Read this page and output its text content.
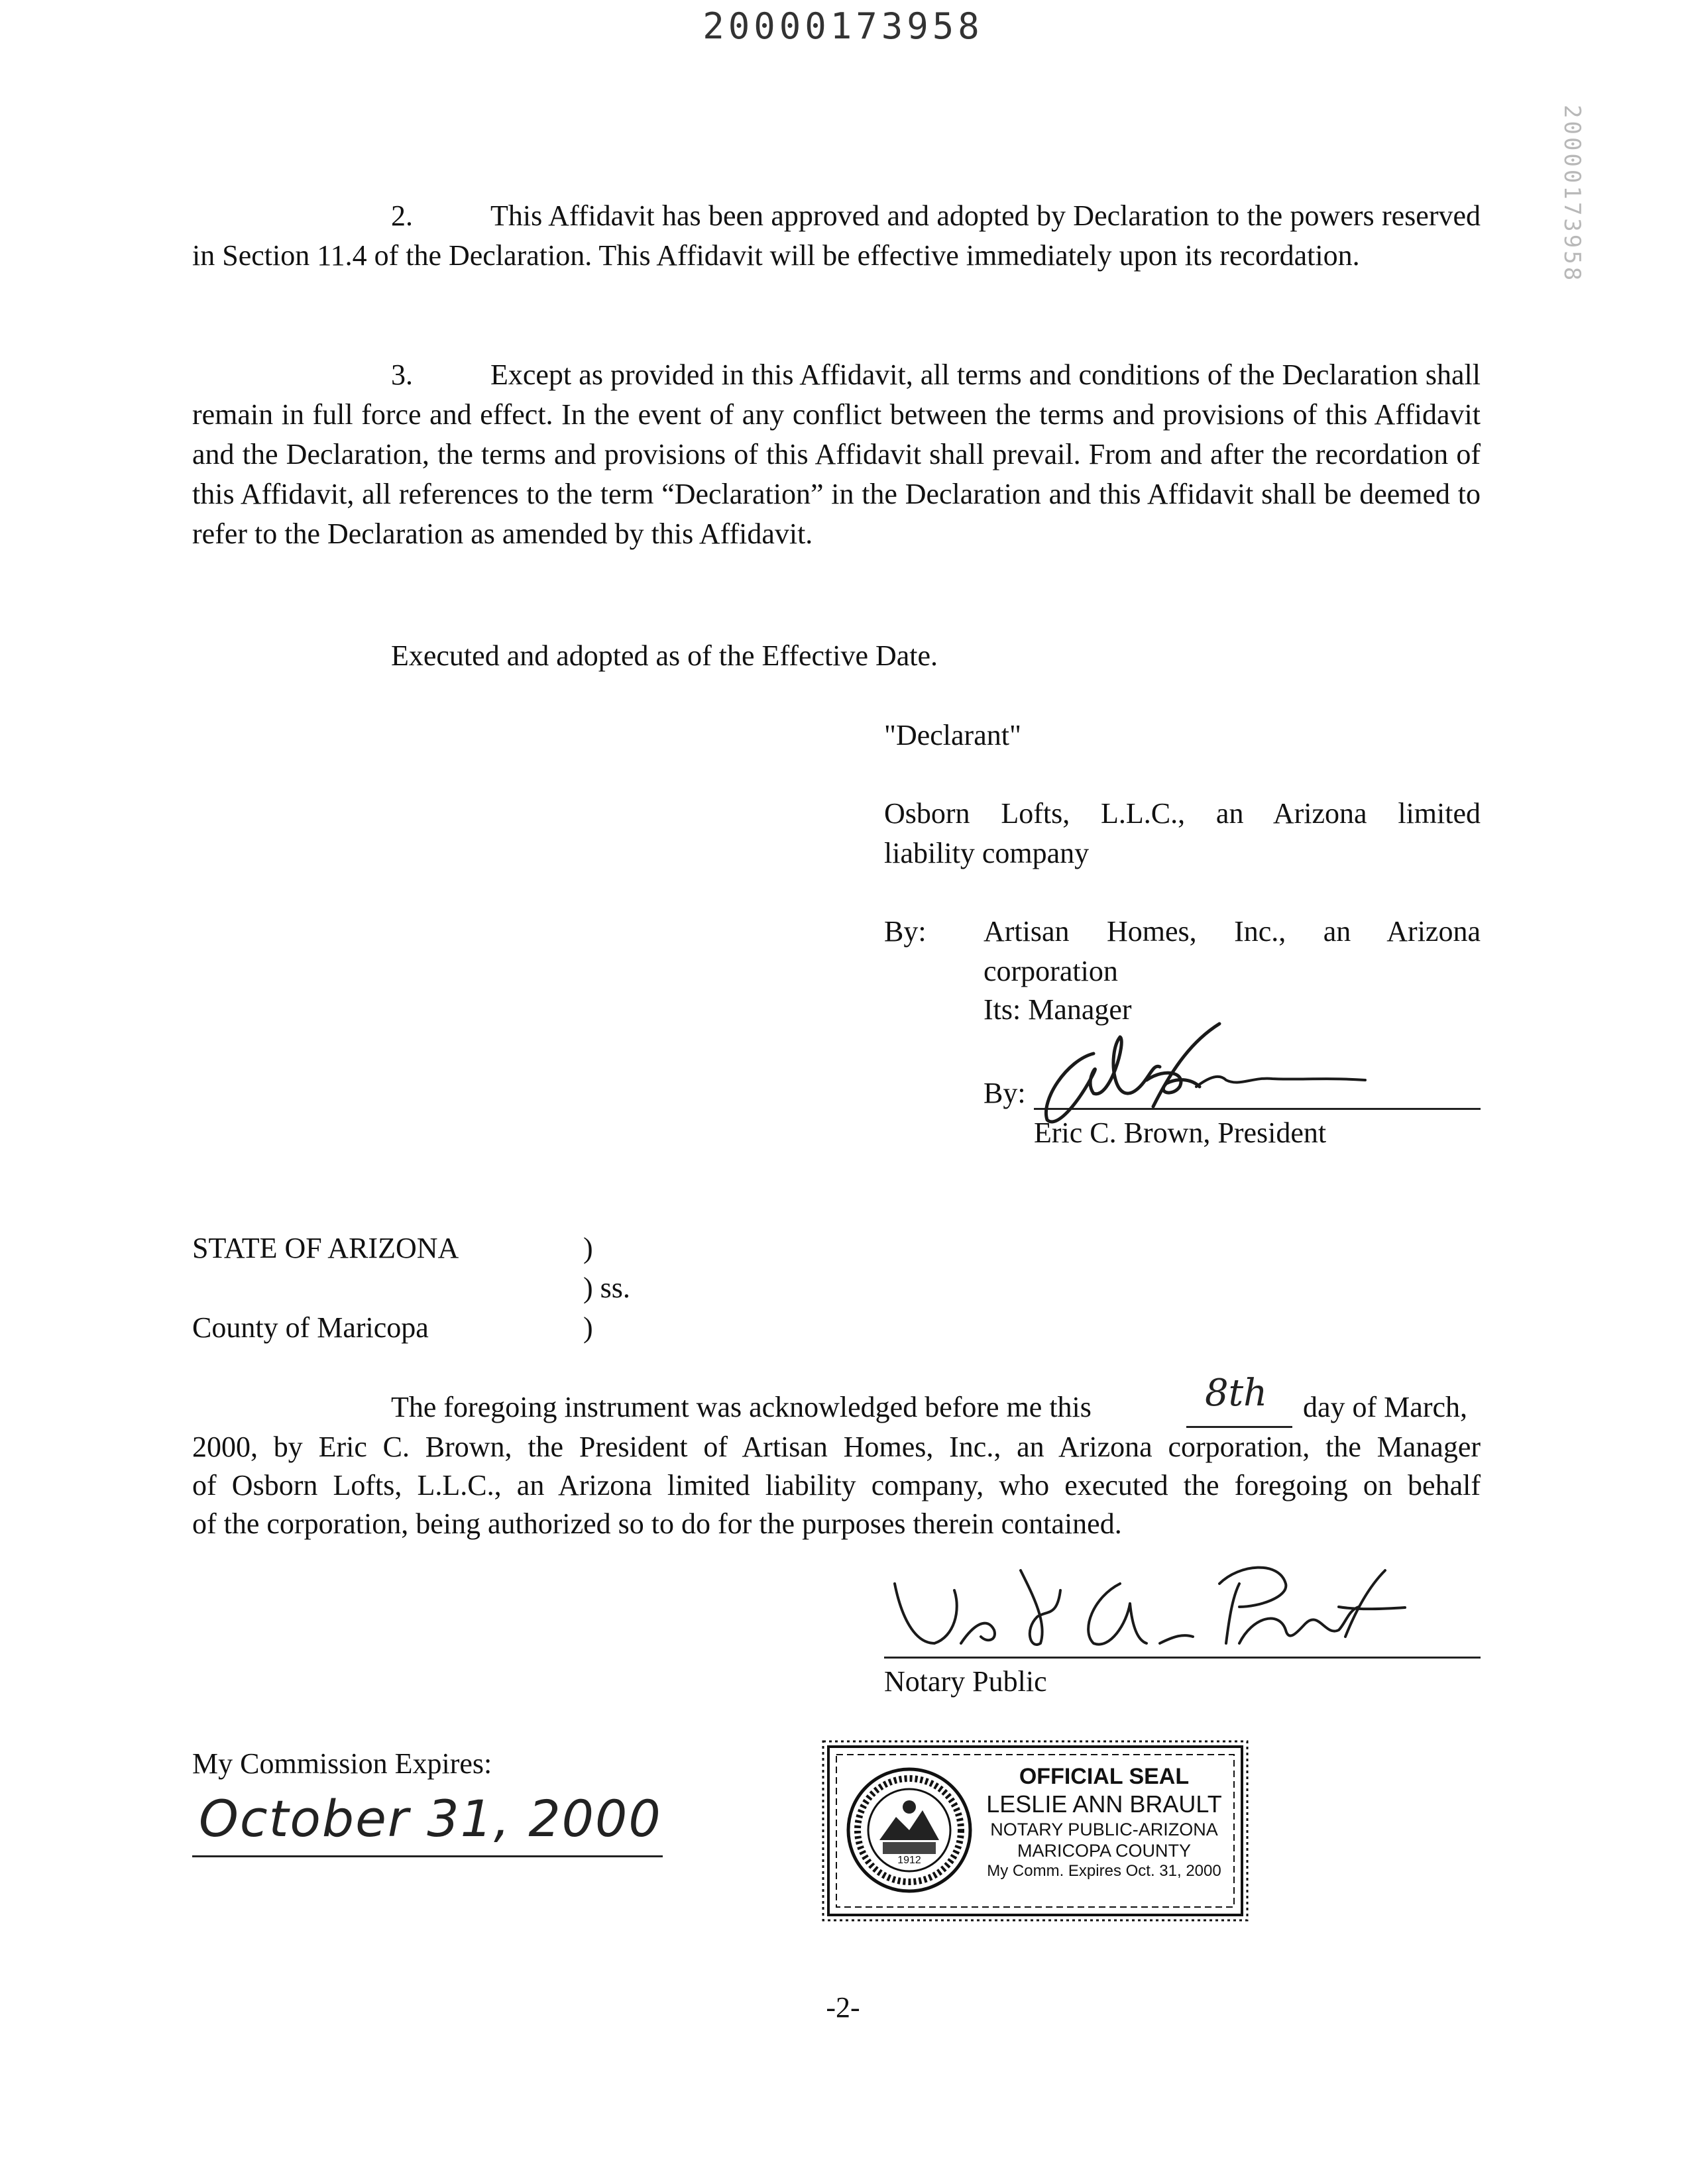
20000173958
20000173958
2.	This Affidavit has been approved and adopted by Declaration to the powers reserved in Section 11.4 of the Declaration. This Affidavit will be effective immediately upon its recordation.
3.	Except as provided in this Affidavit, all terms and conditions of the Declaration shall remain in full force and effect. In the event of any conflict between the terms and provisions of this Affidavit and the Declaration, the terms and provisions of this Affidavit shall prevail. From and after the recordation of this Affidavit, all references to the term “Declaration” in the Declaration and this Affidavit shall be deemed to refer to the Declaration as amended by this Affidavit.
Executed and adopted as of the Effective Date.
"Declarant"
Osborn Lofts, L.L.C., an Arizona limited
liability company
By: Artisan Homes, Inc., an Arizona
corporation
Its: Manager
By:
Eric C. Brown, President
STATE OF ARIZONA	)
) ss.
County of Maricopa	)
The foregoing instrument was acknowledged before me this	8th day of March,
2000, by Eric C. Brown, the President of Artisan Homes, Inc., an Arizona corporation, the Manager
of Osborn Lofts, L.L.C., an Arizona limited liability company, who executed the foregoing on behalf
of the corporation, being authorized so to do for the purposes therein contained.
Notary Public
My Commission Expires:
October 31, 2000
1912
OFFICIAL SEAL
LESLIE ANN BRAULT
NOTARY PUBLIC-ARIZONA
MARICOPA COUNTY
My Comm. Expires Oct. 31, 2000
-2-
